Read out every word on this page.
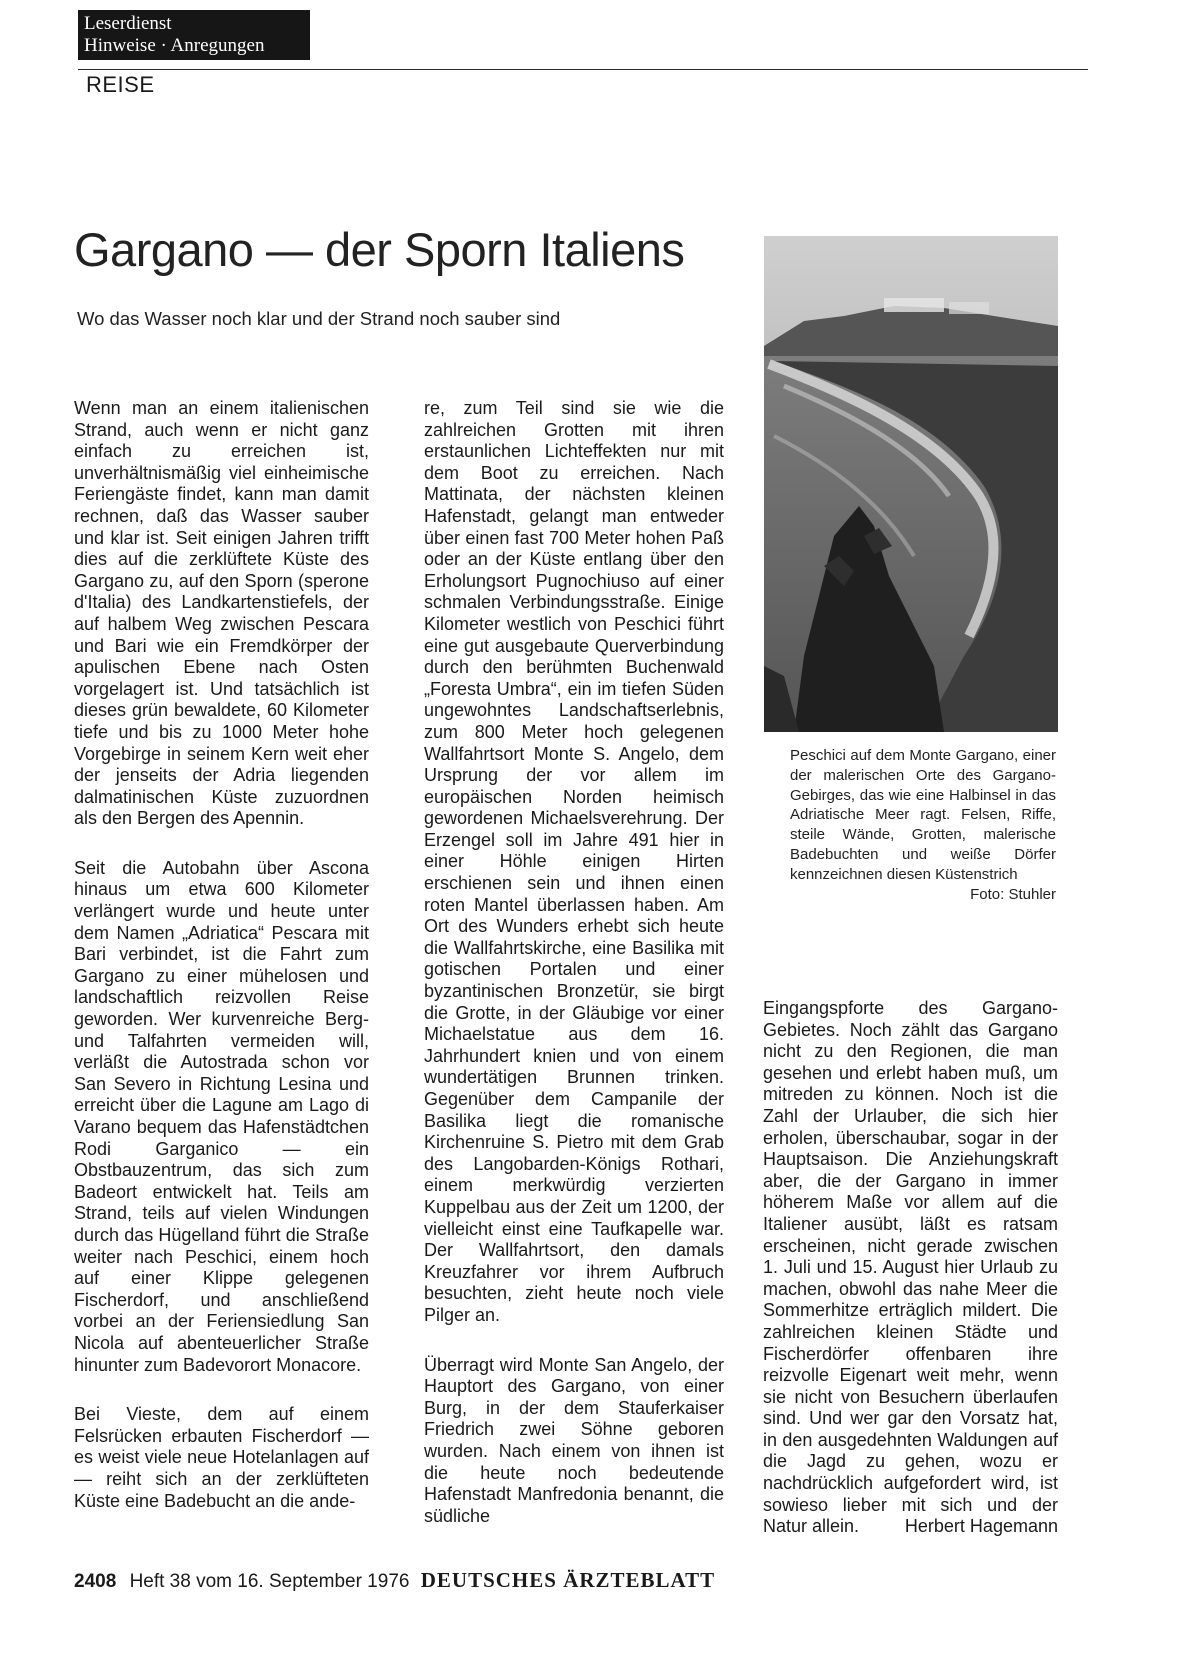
Leserdienst
Hinweise · Anregungen
REISE
Gargano — der Sporn Italiens
Wo das Wasser noch klar und der Strand noch sauber sind

Wenn man an einem italienischen Strand, auch wenn er nicht ganz einfach zu erreichen ist, unverhältnismäßig viel einheimische Feriengäste findet, kann man damit rechnen, daß das Wasser sauber und klar ist. Seit einigen Jahren trifft dies auf die zerklüftete Küste des Gargano zu, auf den Sporn (sperone d'Italia) des Landkartenstiefels, der auf halbem Weg zwischen Pescara und Bari wie ein Fremdkörper der apulischen Ebene nach Osten vorgelagert ist. Und tatsächlich ist dieses grün bewaldete, 60 Kilometer tiefe und bis zu 1000 Meter hohe Vorgebirge in seinem Kern weit eher der jenseits der Adria liegenden dalmatinischen Küste zuzuordnen als den Bergen des Apennin.

Seit die Autobahn über Ascona hinaus um etwa 600 Kilometer verlängert wurde und heute unter dem Namen „Adriatica“ Pescara mit Bari verbindet, ist die Fahrt zum Gargano zu einer mühelosen und landschaftlich reizvollen Reise geworden. Wer kurvenreiche Berg- und Talfahrten vermeiden will, verläßt die Autostrada schon vor San Severo in Richtung Lesina und erreicht über die Lagune am Lago di Varano bequem das Hafenstädtchen Rodi Garganico — ein Obstbauzentrum, das sich zum Badeort entwickelt hat. Teils am Strand, teils auf vielen Windungen durch das Hügelland führt die Straße weiter nach Peschici, einem hoch auf einer Klippe gelegenen Fischerdorf, und anschließend vorbei an der Feriensiedlung San Nicola auf abenteuerlicher Straße hinunter zum Badevorort Monacore.

Bei Vieste, dem auf einem Felsrücken erbauten Fischerdorf — es weist viele neue Hotelanlagen auf — reiht sich an der zerklüfteten Küste eine Badebucht an die ande-

re, zum Teil sind sie wie die zahlreichen Grotten mit ihren erstaunlichen Lichteffekten nur mit dem Boot zu erreichen. Nach Mattinata, der nächsten kleinen Hafenstadt, gelangt man entweder über einen fast 700 Meter hohen Paß oder an der Küste entlang über den Erholungsort Pugnochiuso auf einer schmalen Verbindungsstraße. Einige Kilometer westlich von Peschici führt eine gut ausgebaute Querverbindung durch den berühmten Buchenwald „Foresta Umbra“, ein im tiefen Süden ungewohntes Landschaftserlebnis, zum 800 Meter hoch gelegenen Wallfahrtsort Monte S. Angelo, dem Ursprung der vor allem im europäischen Norden heimisch gewordenen Michaelsverehrung. Der Erzengel soll im Jahre 491 hier in einer Höhle einigen Hirten erschienen sein und ihnen einen roten Mantel überlassen haben. Am Ort des Wunders erhebt sich heute die Wallfahrtskirche, eine Basilika mit gotischen Portalen und einer byzantinischen Bronzetür, sie birgt die Grotte, in der Gläubige vor einer Michaelstatue aus dem 16. Jahrhundert knien und von einem wundertätigen Brunnen trinken. Gegenüber dem Campanile der Basilika liegt die romanische Kirchenruine S. Pietro mit dem Grab des Langobarden-Königs Rothari, einem merkwürdig verzierten Kuppelbau aus der Zeit um 1200, der vielleicht einst eine Taufkapelle war. Der Wallfahrtsort, den damals Kreuzfahrer vor ihrem Aufbruch besuchten, zieht heute noch viele Pilger an.

Überragt wird Monte San Angelo, der Hauptort des Gargano, von einer Burg, in der dem Stauferkaiser Friedrich zwei Söhne geboren wurden. Nach einem von ihnen ist die heute noch bedeutende Hafenstadt Manfredonia benannt, die südliche

Peschici auf dem Monte Gargano, einer der malerischen Orte des Gargano-Gebirges, das wie eine Halbinsel in das Adriatische Meer ragt. Felsen, Riffe, steile Wände, Grotten, malerische Badebuchten und weiße Dörfer kennzeichnen diesen Küstenstrich
Foto: Stuhler

Eingangspforte des Gargano-Gebietes. Noch zählt das Gargano nicht zu den Regionen, die man gesehen und erlebt haben muß, um mitreden zu können. Noch ist die Zahl der Urlauber, die sich hier erholen, überschaubar, sogar in der Hauptsaison. Die Anziehungskraft aber, die der Gargano in immer höherem Maße vor allem auf die Italiener ausübt, läßt es ratsam erscheinen, nicht gerade zwischen 1. Juli und 15. August hier Urlaub zu machen, obwohl das nahe Meer die Sommerhitze erträglich mildert. Die zahlreichen kleinen Städte und Fischerdörfer offenbaren ihre reizvolle Eigenart weit mehr, wenn sie nicht von Besuchern überlaufen sind. Und wer gar den Vorsatz hat, in den ausgedehnten Waldungen auf die Jagd zu gehen, wozu er nachdrücklich aufgefordert wird, ist sowieso lieber mit sich und der Natur allein.	Herbert Hagemann

2408 Heft 38 vom 16. September 1976 DEUTSCHES ÄRZTEBLATT
